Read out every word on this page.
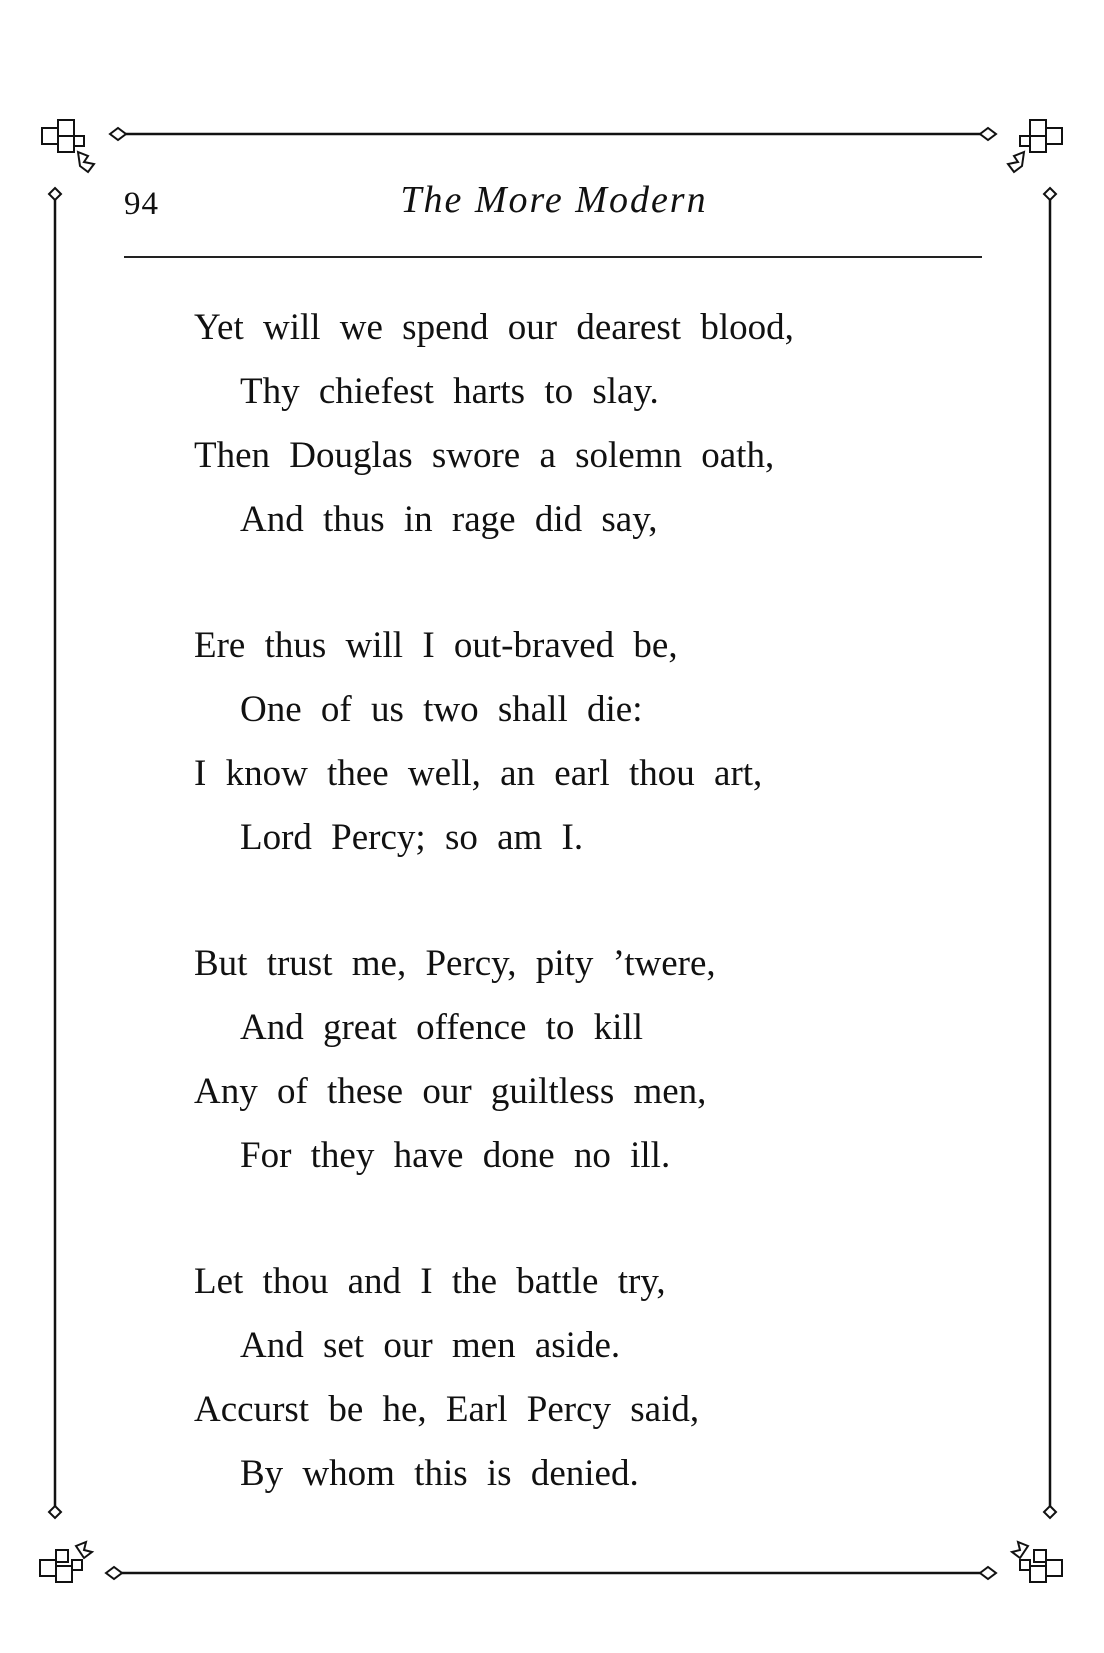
94	The More Modern
Yet will we spend our dearest blood,
Thy chiefest harts to slay.
Then Douglas swore a solemn oath,
And thus in rage did say,
Ere thus will I out-braved be,
One of us two shall die:
I know thee well, an earl thou art,
Lord Percy; so am I.
But trust me, Percy, pity ’twere,
And great offence to kill
Any of these our guiltless men,
For they have done no ill.
Let thou and I the battle try,
And set our men aside.
Accurst be he, Earl Percy said,
By whom this is denied.
